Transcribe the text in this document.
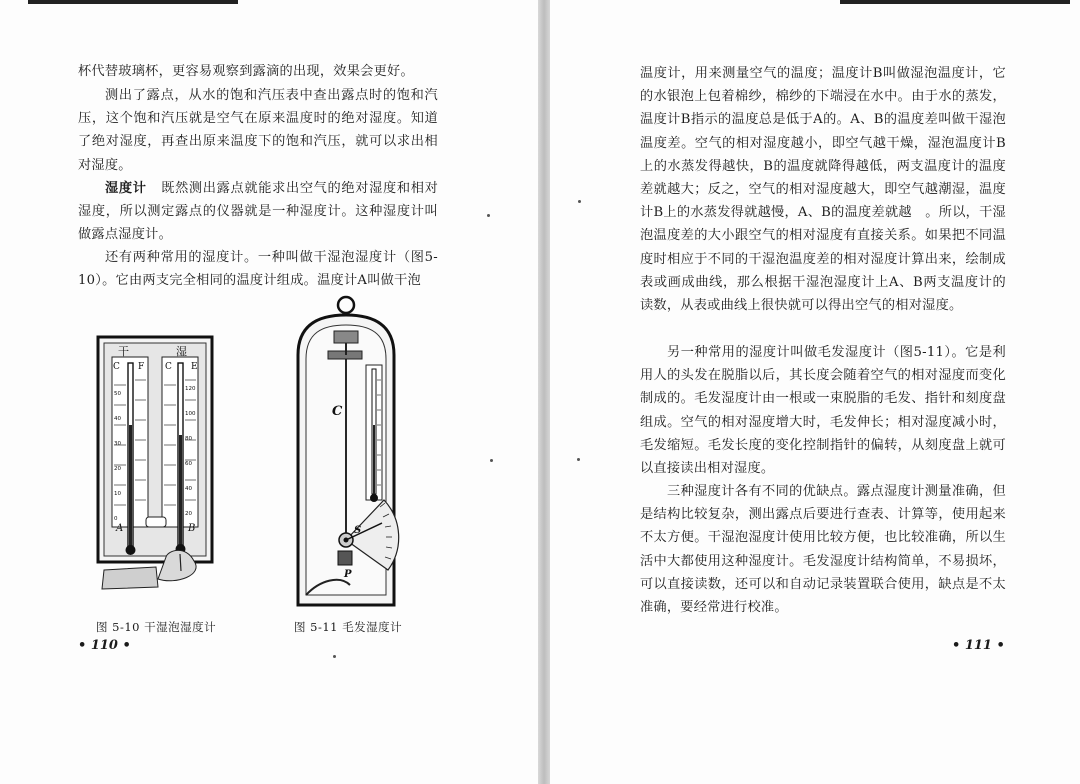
杯代替玻璃杯，更容易观察到露滴的出现，效果会更好。
测出了露点，从水的饱和汽压表中查出露点时的饱和汽压，这个饱和汽压就是空气在原来温度时的绝对湿度。知道了绝对湿度，再查出原来温度下的饱和汽压，就可以求出相对湿度。
湿度计 既然测出露点就能求出空气的绝对湿度和相对湿度，所以测定露点的仪器就是一种湿度计。这种湿度计叫做露点湿度计。
还有两种常用的湿度计。一种叫做干湿泡湿度计（图5-10）。它由两支完全相同的温度计组成。温度计A叫做干泡
50
40
30
20
10
0
120
100
80
60
40
20
干	湿
C F C E
A	B
C
S
P
图 5-10 干湿泡湿度计	图 5-11 毛发湿度计
• 110 •
温度计，用来测量空气的温度；温度计B叫做湿泡温度计，它的水银泡上包着棉纱，棉纱的下端浸在水中。由于水的蒸发，温度计B指示的温度总是低于A的。A、B的温度差叫做干湿泡温度差。空气的相对湿度越小，即空气越干燥，湿泡温度计B上的水蒸发得越快，B的温度就降得越低，两支温度计的温度差就越大；反之，空气的相对湿度越大，即空气越潮湿，温度计B上的水蒸发得就越慢，A、B的温度差就越　。所以，干湿泡温度差的大小跟空气的相对湿度有直接关系。如果把不同温度时相应于不同的干湿泡温度差的相对湿度计算出来，绘制成表或画成曲线，那么根据干湿泡湿度计上A、B两支温度计的读数，从表或曲线上很快就可以得出空气的相对湿度。
另一种常用的湿度计叫做毛发湿度计（图5-11）。它是利用人的头发在脱脂以后，其长度会随着空气的相对湿度而变化制成的。毛发湿度计由一根或一束脱脂的毛发、指针和刻度盘组成。空气的相对湿度增大时，毛发伸长；相对湿度减小时，毛发缩短。毛发长度的变化控制指针的偏转，从刻度盘上就可以直接读出相对湿度。
三种湿度计各有不同的优缺点。露点湿度计测量准确，但是结构比较复杂，测出露点后要进行查表、计算等，使用起来不太方便。干湿泡湿度计使用比较方便，也比较准确，所以生活中大都使用这种湿度计。毛发湿度计结构简单，不易损坏，可以直接读数，还可以和自动记录装置联合使用，缺点是不太准确，要经常进行校准。
• 111 •
